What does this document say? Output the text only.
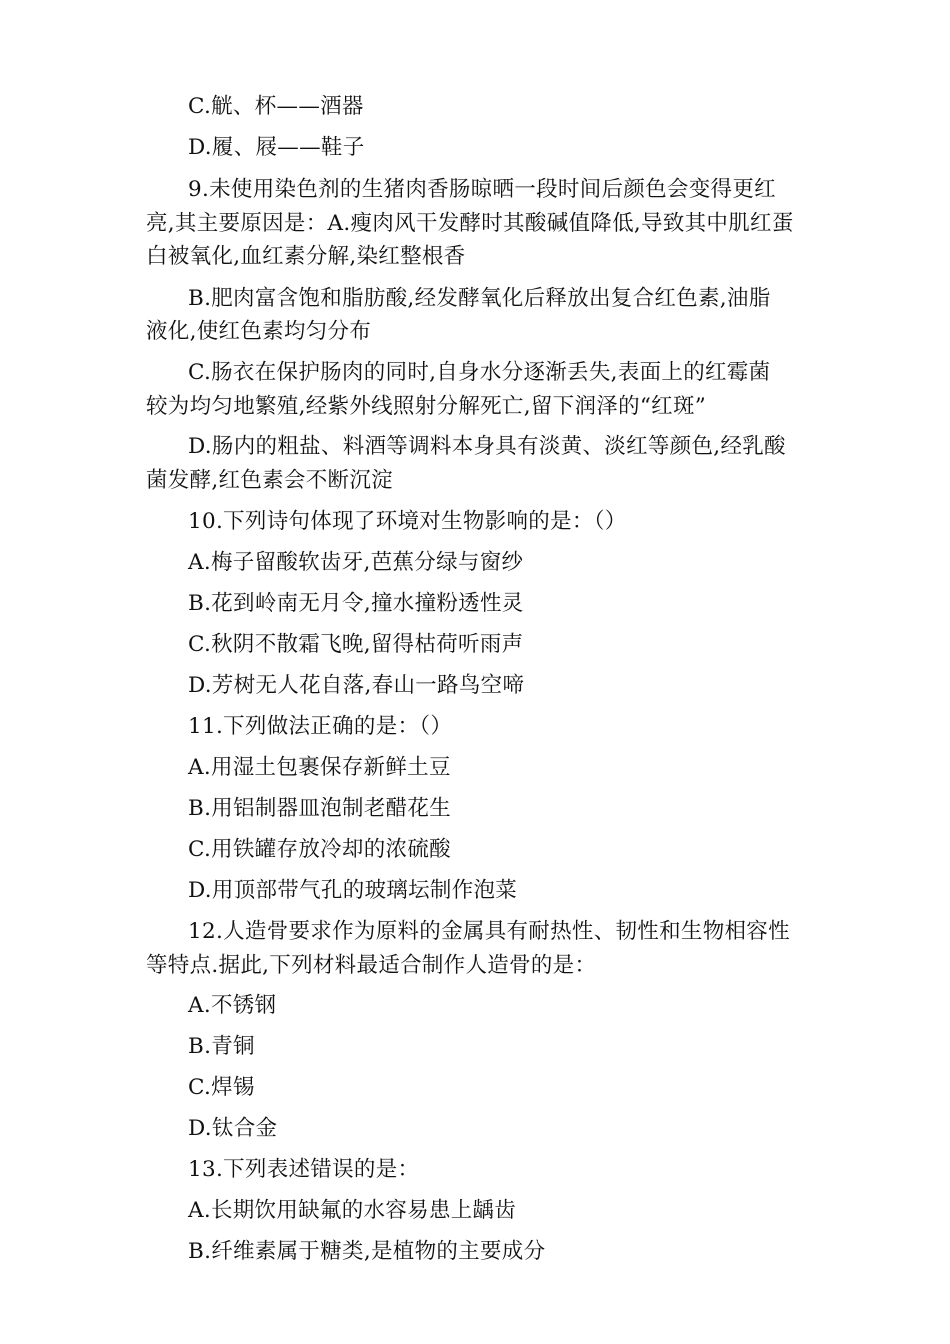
C.觥、杯——酒器
D.履、屐——鞋子
9.未使用染色剂的生猪肉香肠晾晒一段时间后颜色会变得更红
亮,其主要原因是：A.瘦肉风干发酵时其酸碱值降低,导致其中肌红蛋
白被氧化,血红素分解,染红整根香
B.肥肉富含饱和脂肪酸,经发酵氧化后释放出复合红色素,油脂
液化,使红色素均匀分布
C.肠衣在保护肠肉的同时,自身水分逐渐丢失,表面上的红霉菌
较为均匀地繁殖,经紫外线照射分解死亡,留下润泽的“红斑”
D.肠内的粗盐、料酒等调料本身具有淡黄、淡红等颜色,经乳酸
菌发酵,红色素会不断沉淀
10.下列诗句体现了环境对生物影响的是：（）
A.梅子留酸软齿牙,芭蕉分绿与窗纱
B.花到岭南无月令,撞水撞粉透性灵
C.秋阴不散霜飞晚,留得枯荷听雨声
D.芳树无人花自落,春山一路鸟空啼
11.下列做法正确的是：（）
A.用湿土包裹保存新鲜土豆
B.用铝制器皿泡制老醋花生
C.用铁罐存放冷却的浓硫酸
D.用顶部带气孔的玻璃坛制作泡菜
12.人造骨要求作为原料的金属具有耐热性、韧性和生物相容性
等特点.据此,下列材料最适合制作人造骨的是：
A.不锈钢
B.青铜
C.焊锡
D.钛合金
13.下列表述错误的是：
A.长期饮用缺氟的水容易患上龋齿
B.纤维素属于糖类,是植物的主要成分
